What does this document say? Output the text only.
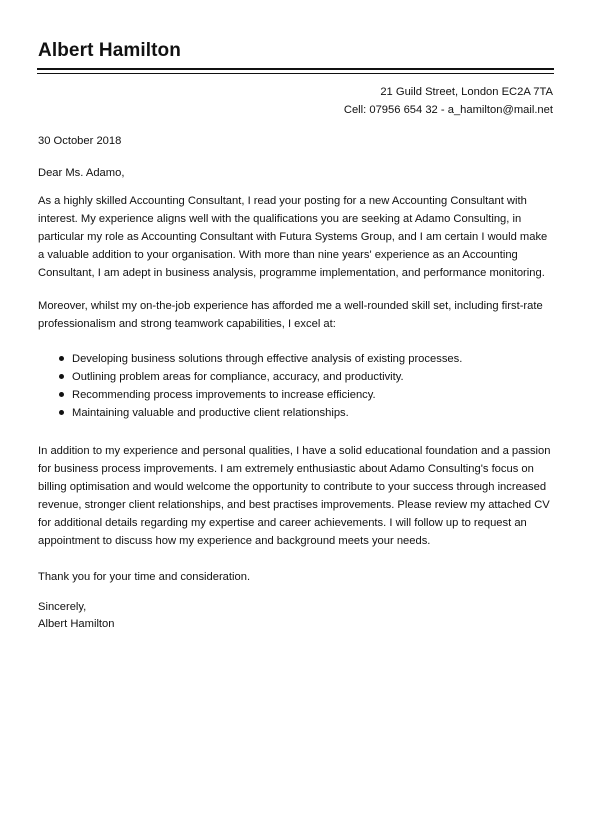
Albert Hamilton
21 Guild Street, London EC2A 7TA
Cell: 07956 654 32 - a_hamilton@mail.net
30 October 2018
Dear Ms. Adamo,
As a highly skilled Accounting Consultant, I read your posting for a new Accounting Consultant with interest. My experience aligns well with the qualifications you are seeking at Adamo Consulting, in particular my role as Accounting Consultant with Futura Systems Group, and I am certain I would make a valuable addition to your organisation. With more than nine years' experience as an Accounting Consultant, I am adept in business analysis, programme implementation, and performance monitoring.
Moreover, whilst my on-the-job experience has afforded me a well-rounded skill set, including first-rate professionalism and strong teamwork capabilities, I excel at:
Developing business solutions through effective analysis of existing processes.
Outlining problem areas for compliance, accuracy, and productivity.
Recommending process improvements to increase efficiency.
Maintaining valuable and productive client relationships.
In addition to my experience and personal qualities, I have a solid educational foundation and a passion for business process improvements. I am extremely enthusiastic about Adamo Consulting's focus on billing optimisation and would welcome the opportunity to contribute to your success through increased revenue, stronger client relationships, and best practises improvements. Please review my attached CV for additional details regarding my expertise and career achievements. I will follow up to request an appointment to discuss how my experience and background meets your needs.
Thank you for your time and consideration.
Sincerely,
Albert Hamilton
